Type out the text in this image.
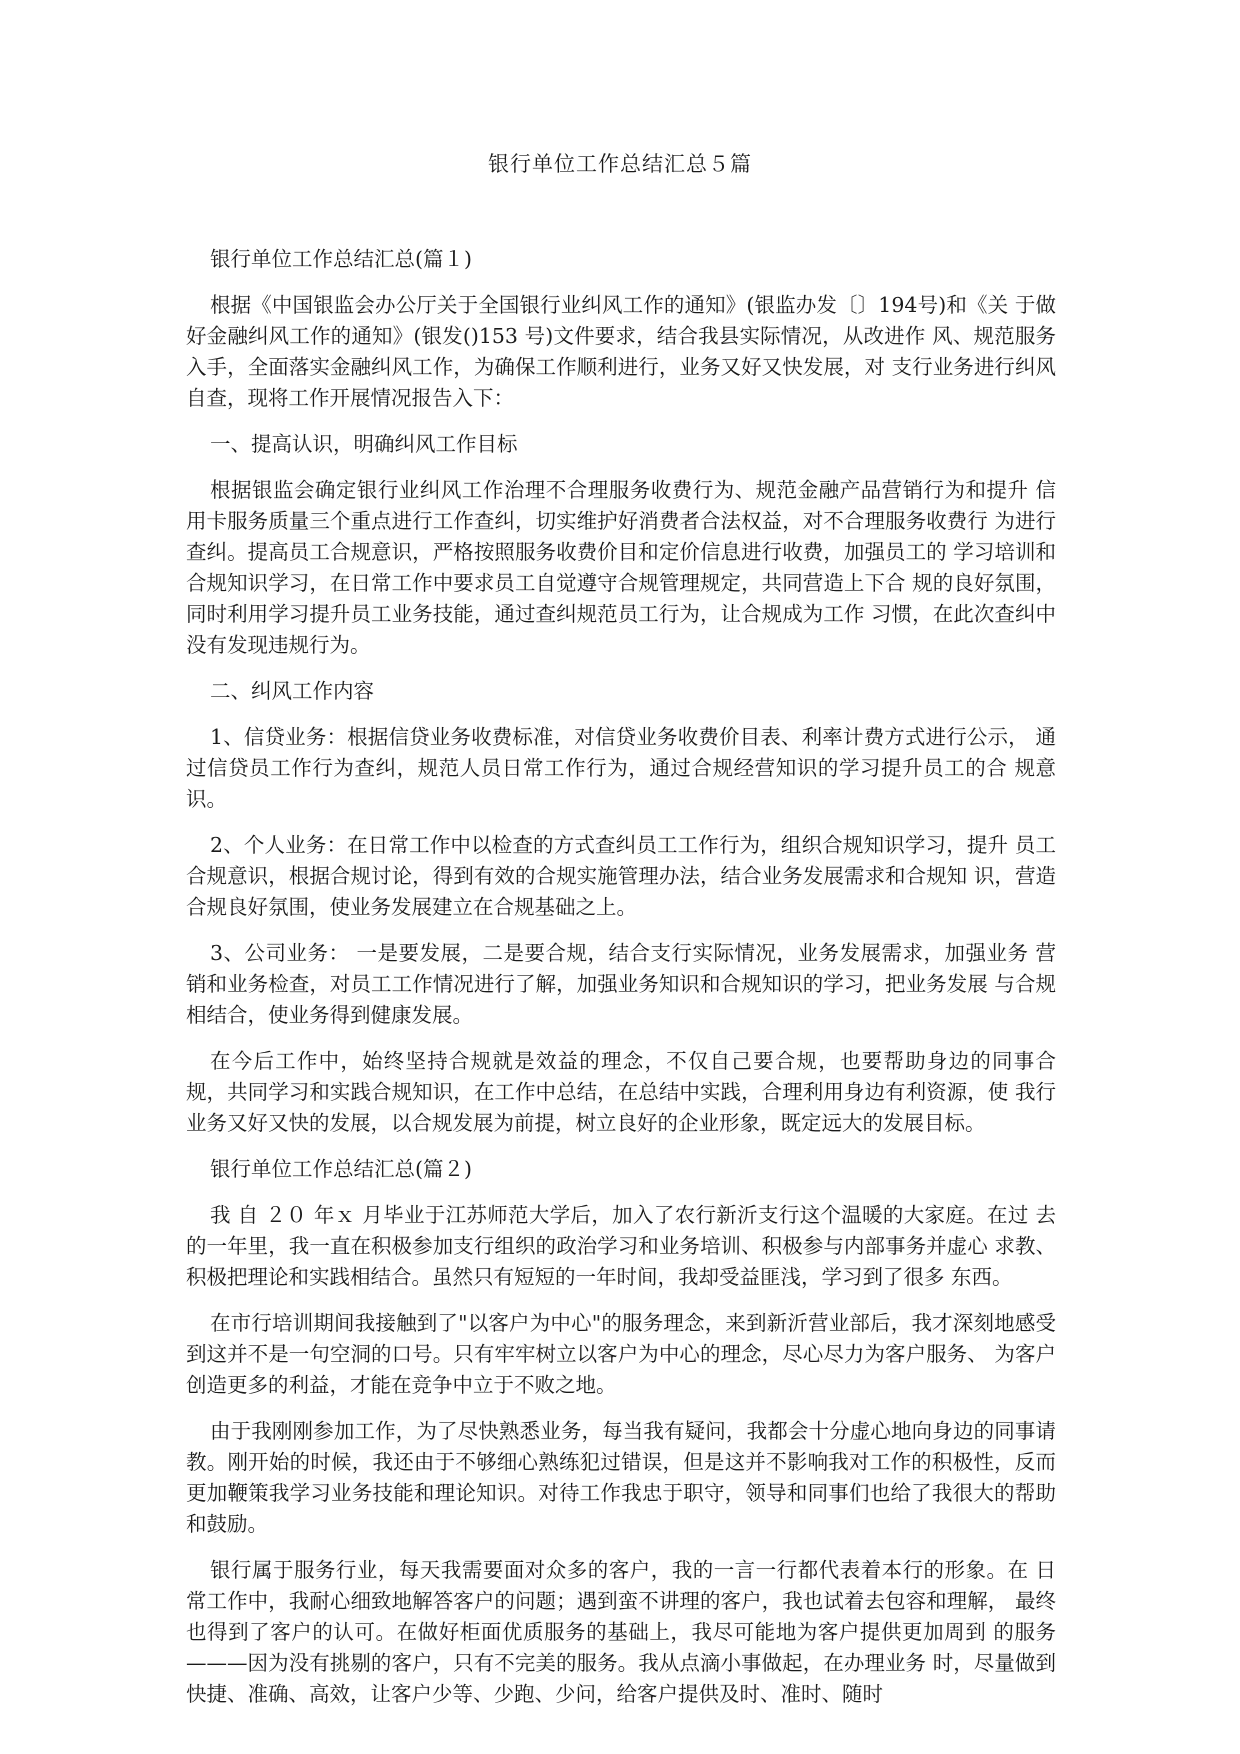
银行单位工作总结汇总５篇

银行单位工作总结汇总(篇１)

根据《中国银监会办公厅关于全国银行业纠风工作的通知》(银监办发〔〕194号)和《关 于做好金融纠风工作的通知》(银发()153 号)文件要求，结合我县实际情况，从改进作 风、规范服务入手，全面落实金融纠风工作，为确保工作顺利进行，业务又好又快发展，对 支行业务进行纠风自查，现将工作开展情况报告入下：

一、提高认识，明确纠风工作目标

根据银监会确定银行业纠风工作治理不合理服务收费行为、规范金融产品营销行为和提升 信用卡服务质量三个重点进行工作查纠，切实维护好消费者合法权益，对不合理服务收费行 为进行查纠。提高员工合规意识，严格按照服务收费价目和定价信息进行收费，加强员工的 学习培训和合规知识学习，在日常工作中要求员工自觉遵守合规管理规定，共同营造上下合 规的良好氛围，同时利用学习提升员工业务技能，通过查纠规范员工行为，让合规成为工作 习惯，在此次查纠中没有发现违规行为。

二、纠风工作内容

1、信贷业务：根据信贷业务收费标准，对信贷业务收费价目表、利率计费方式进行公示， 通过信贷员工作行为查纠，规范人员日常工作行为，通过合规经营知识的学习提升员工的合 规意识。

2、个人业务：在日常工作中以检查的方式查纠员工工作行为，组织合规知识学习，提升 员工合规意识，根据合规讨论，得到有效的合规实施管理办法，结合业务发展需求和合规知 识，营造合规良好氛围，使业务发展建立在合规基础之上。

3、公司业务： 一是要发展，二是要合规，结合支行实际情况，业务发展需求，加强业务 营销和业务检查，对员工工作情况进行了解，加强业务知识和合规知识的学习，把业务发展 与合规相结合，使业务得到健康发展。

在今后工作中，始终坚持合规就是效益的理念，不仅自己要合规，也要帮助身边的同事合 规，共同学习和实践合规知识，在工作中总结，在总结中实践，合理利用身边有利资源，使 我行业务又好又快的发展，以合规发展为前提，树立良好的企业形象，既定远大的发展目标。

银行单位工作总结汇总(篇２)

我 自 ２０ 年ｘ 月毕业于江苏师范大学后，加入了农行新沂支行这个温暖的大家庭。在过 去的一年里，我一直在积极参加支行组织的政治学习和业务培训、积极参与内部事务并虚心 求教、积极把理论和实践相结合。虽然只有短短的一年时间，我却受益匪浅，学习到了很多 东西。

在市行培训期间我接触到了"以客户为中心"的服务理念，来到新沂营业部后，我才深刻地感受到这并不是一句空洞的口号。只有牢牢树立以客户为中心的理念，尽心尽力为客户服务、 为客户创造更多的利益，才能在竞争中立于不败之地。

由于我刚刚参加工作，为了尽快熟悉业务，每当我有疑问，我都会十分虚心地向身边的同事请教。刚开始的时候，我还由于不够细心熟练犯过错误，但是这并不影响我对工作的积极性，反而更加鞭策我学习业务技能和理论知识。对待工作我忠于职守，领导和同事们也给了我很大的帮助和鼓励。

银行属于服务行业，每天我需要面对众多的客户，我的一言一行都代表着本行的形象。在 日常工作中，我耐心细致地解答客户的问题；遇到蛮不讲理的客户，我也试着去包容和理解， 最终也得到了客户的认可。在做好柜面优质服务的基础上，我尽可能地为客户提供更加周到 的服务———因为没有挑剔的客户，只有不完美的服务。我从点滴小事做起，在办理业务 时，尽量做到快捷、准确、高效，让客户少等、少跑、少问，给客户提供及时、准时、随时
